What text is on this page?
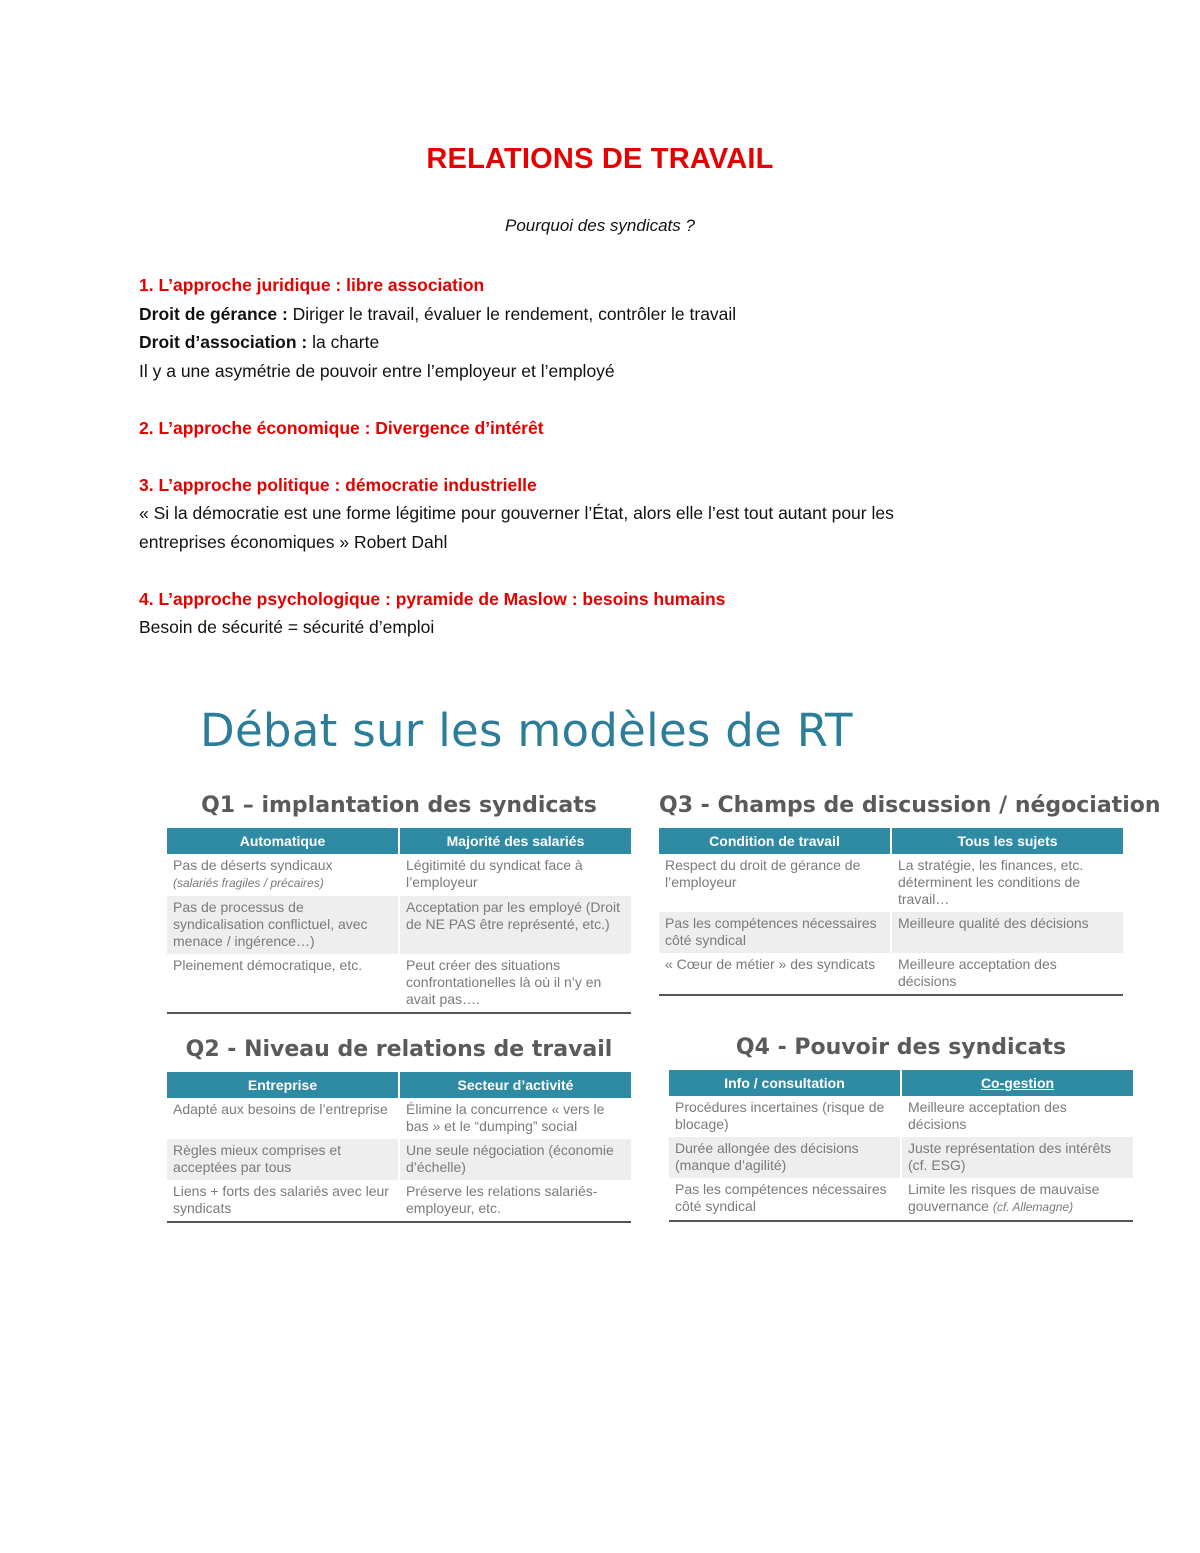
RELATIONS DE TRAVAIL
Pourquoi des syndicats ?

1. L’approche juridique : libre association

Droit de gérance : Diriger le travail, évaluer le rendement, contrôler le travail

Droit d’association : la charte

Il y a une asymétrie de pouvoir entre l’employeur et l’employé

2. L’approche économique : Divergence d’intérêt

3. L’approche politique : démocratie industrielle

« Si la démocratie est une forme légitime pour gouverner l’État, alors elle l’est tout autant pour les

entreprises économiques » Robert Dahl

4. L’approche psychologique : pyramide de Maslow : besoins humains

Besoin de sécurité = sécurité d’emploi

Débat sur les modèles de RT
Q1 – implantation des syndicats
Automatique	Majorité des salariés
Pas de déserts syndicaux
(salariés fragiles / précaires)	Légitimité du syndicat face à l’employeur
Pas de processus de syndicalisation conflictuel, avec menace / ingérence…)	Acceptation par les employé (Droit de NE PAS être représenté, etc.)
Pleinement démocratique, etc.	Peut créer des situations confrontationelles là où il n’y en avait pas….
Q2 - Niveau de relations de travail
Entreprise	Secteur d’activité
Adapté aux besoins de l’entreprise	Élimine la concurrence « vers le bas » et le “dumping” social
Règles mieux comprises et acceptées par tous	Une seule négociation (économie d’échelle)
Liens + forts des salariés avec leur syndicats	Préserve les relations salariés-employeur, etc.
Q3 - Champs de discussion / négociation
Condition de travail	Tous les sujets
Respect du droit de gérance de l’employeur	La stratégie, les finances, etc. déterminent les conditions de travail…
Pas les compétences nécessaires côté syndical	Meilleure qualité des décisions
« Cœur de métier » des syndicats	Meilleure acceptation des décisions
Q4 - Pouvoir des syndicats
Info / consultation	Co-gestion
Procédures incertaines (risque de blocage)	Meilleure acceptation des décisions
Durée allongée des décisions (manque d’agilité)	Juste représentation des intérêts (cf. ESG)
Pas les compétences nécessaires côté syndical	Limite les risques de mauvaise gouvernance (cf. Allemagne)
